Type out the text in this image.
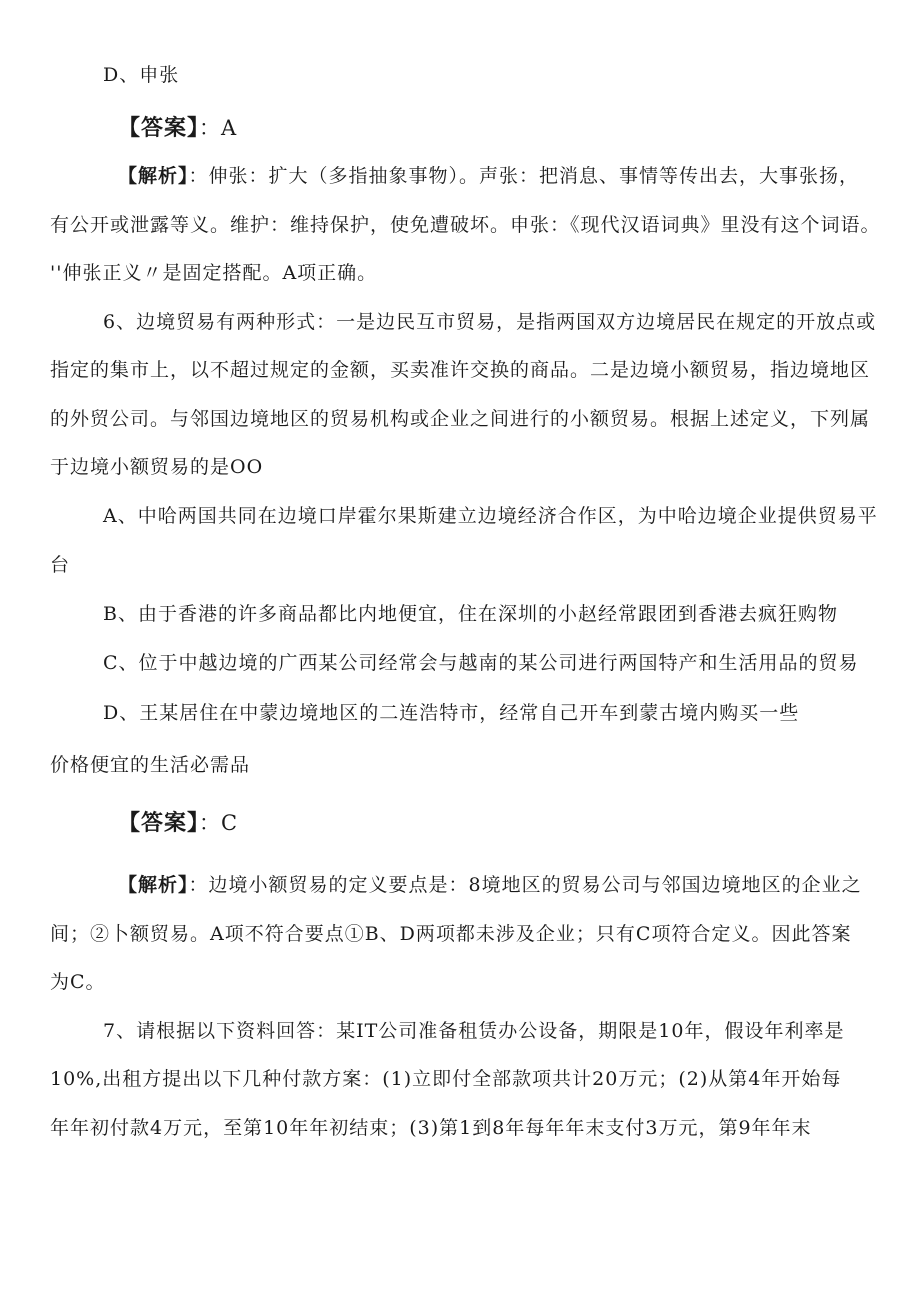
D、申张
【答案】：A
【解析】：伸张：扩大（多指抽象事物）。声张：把消息、事情等传出去，大事张扬，
有公开或泄露等义。维护：维持保护，使免遭破坏。申张：《现代汉语词典》里没有这个词语。
''伸张正义〃是固定搭配。A项正确。
6、边境贸易有两种形式：一是边民互市贸易，是指两国双方边境居民在规定的开放点或
指定的集市上，以不超过规定的金额，买卖准许交换的商品。二是边境小额贸易，指边境地区
的外贸公司。与邻国边境地区的贸易机构或企业之间进行的小额贸易。根据上述定义，下列属
于边境小额贸易的是OO
A、中哈两国共同在边境口岸霍尔果斯建立边境经济合作区，为中哈边境企业提供贸易平
台
B、由于香港的许多商品都比内地便宜，住在深圳的小赵经常跟团到香港去疯狂购物
C、位于中越边境的广西某公司经常会与越南的某公司进行两国特产和生活用品的贸易
D、王某居住在中蒙边境地区的二连浩特市，经常自己开车到蒙古境内购买一些
价格便宜的生活必需品
【答案】：C
【解析】：边境小额贸易的定义要点是：8境地区的贸易公司与邻国边境地区的企业之
间；②卜额贸易。A项不符合要点①B、D两项都未涉及企业；只有C项符合定义。因此答案
为C。
7、请根据以下资料回答：某IT公司准备租赁办公设备，期限是10年，假设年利率是
10%,出租方提出以下几种付款方案：(1)立即付全部款项共计20万元；(2)从第4年开始每
年年初付款4万元，至第10年年初结束；(3)第1到8年每年年末支付3万元，第9年年末
